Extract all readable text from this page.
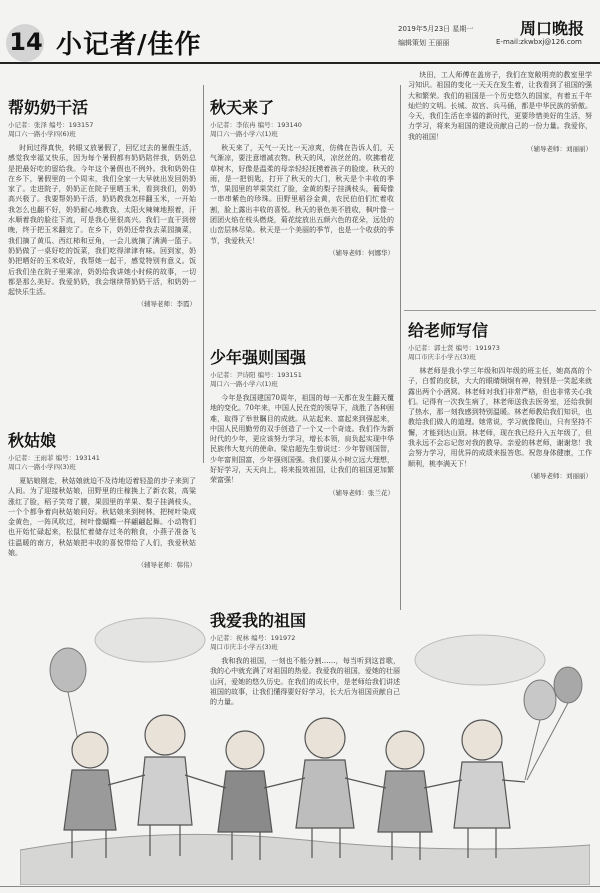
14 小记者/佳作
2019年5月23日 星期一	周口晚报
编辑策划 王丽丽	E-mail:zkwbxj@126.com
帮奶奶干活
小记者：张泽 编号：193157
周口六一路小学四(6)班
时间过得真快，转眼又放暑假了，回忆过去的暑假生活，感觉我幸福又快乐，因为每个暑假都有奶奶陪伴我，奶奶总是把最好吃的留给我。今年这个暑假也不例外。我和奶奶住在乡下，暑假里的一个周末，我们全家一大早就出发回奶奶家了。走进院子，奶奶正在院子里晒玉米，看到我们，奶奶高兴极了。我要帮奶奶干活，奶奶教我怎样翻玉米，一开始我怎么也翻不好，奶奶耐心地教我。太阳火辣辣地照着，汗水顺着我的脸往下流，可是我心里很高兴。我们一直干到傍晚，终于把玉米翻完了。在乡下，奶奶还带我去菜园摘菜，我们摘了黄瓜、西红柿和豆角，一会儿就摘了满满一篮子。奶奶做了一桌好吃的饭菜，我们吃得津津有味。回到家，奶奶把晒好的玉米收好，我帮她一起干，感觉特别有意义。饭后我们坐在院子里乘凉，奶奶给我讲她小时候的故事，一切都是那么美好。我爱奶奶，我会继续帮奶奶干活，和奶奶一起快乐生活。
（辅导老师：李霞）
秋姑娘
小记者：王雨菲 编号：193141
周口六一路小学四(3)班
夏姑娘刚走，秋姑娘就迫不及待地迈着轻盈的步子来到了人间。为了迎接秋姑娘，田野里的庄稼换上了新衣裳，高粱涨红了脸，稻子笑弯了腰，果园里的苹果、梨子挂满枝头，一个个都争着向秋姑娘问好。秋姑娘来到树林，把树叶染成金黄色，一阵风吹过，树叶像蝴蝶一样翩翩起舞。小动物们也开始忙碌起来，松鼠忙着储存过冬的粮食，小燕子准备飞往温暖的南方，秋姑娘把丰收的喜悦带给了人们，我爱秋姑娘。
（辅导老师：韩伟）
秋天来了
小记者：李依冉 编号：193140
周口六一路小学六(1)班
秋天来了，天气一天比一天凉爽，仿佛在告诉人们，天气渐凉，要注意增减衣物。秋天的风，凉丝丝的。吹拂着花草树木，好像是温柔的母亲轻轻抚摸着孩子的脸庞。秋天的雨，是一把钥匙，打开了秋天的大门，秋天是个丰收的季节，果园里的苹果笑红了脸，金黄的梨子挂满枝头，葡萄像一串串紫色的珍珠。田野里稻谷金黄，农民伯伯们忙着收割，脸上露出丰收的喜悦。秋天的景色美不胜收，枫叶像一团团火焰在枝头燃烧，菊花绽放出五颜六色的花朵，远处的山峦层林尽染。秋天是一个美丽的季节，也是一个收获的季节，我爱秋天！
（辅导老师：何娜华）
少年强则国强
小记者：尹诗阳 编号：193151
周口六一路小学六(1)班
今年是我国建国70周年，祖国的每一天都在发生翻天覆地的变化。70年来，中国人民在党的领导下，战胜了各种困难，取得了举世瞩目的成就。从站起来、富起来到强起来，中国人民用勤劳的双手创造了一个又一个奇迹。我们作为新时代的少年，更应该努力学习，增长本领，肩负起实现中华民族伟大复兴的使命。梁启超先生曾说过：少年智则国智，少年富则国富，少年强则国强。我们要从小树立远大理想，好好学习，天天向上，将来报效祖国，让我们的祖国更加繁荣富强！
（辅导老师：张兰花）
块田，工人师傅在盖房子，我们在宽敞明亮的教室里学习知识。祖国的变化一天天在发生着，让我看到了祖国的强大和繁荣。我们的祖国是一个历史悠久的国家，有着五千年灿烂的文明。长城、故宫、兵马俑，都是中华民族的骄傲。今天，我们生活在幸福的新时代，更要珍惜美好的生活，努力学习，将来为祖国的建设贡献自己的一份力量。我爱你，我的祖国！
（辅导老师：刘丽丽）
给老师写信
小记者：郭士贤 编号：191973
周口市庆丰小学五(3)班
林老师是我小学三年级和四年级的班主任，她高高的个子，白皙的皮肤，大大的眼睛炯炯有神，特别是一笑起来就露出两个小酒窝。林老师对我们非常严格，但也非常关心我们。记得有一次我生病了，林老师送我去医务室，还给我倒了热水，那一刻我感到特别温暖。林老师教给我们知识，也教给我们做人的道理。她常说，学习就像爬山，只有坚持不懈，才能到达山顶。林老师，现在我已经升入五年级了，但我永远不会忘记您对我的教导。亲爱的林老师，谢谢您！我会努力学习，用优异的成绩来报答您。祝您身体健康，工作顺利，桃李满天下！
（辅导老师：刘丽丽）
我爱我的祖国
小记者：祝林 编号：191972
周口市庆丰小学五(3)班
我和我的祖国，一刻也不能分割……，每当听到这首歌，我的心中就充满了对祖国的热爱。我爱我的祖国，爱她的壮丽山河，爱她的悠久历史。在我们的成长中，是老师给我们讲述祖国的故事，让我们懂得要好好学习，长大后为祖国贡献自己的力量。
